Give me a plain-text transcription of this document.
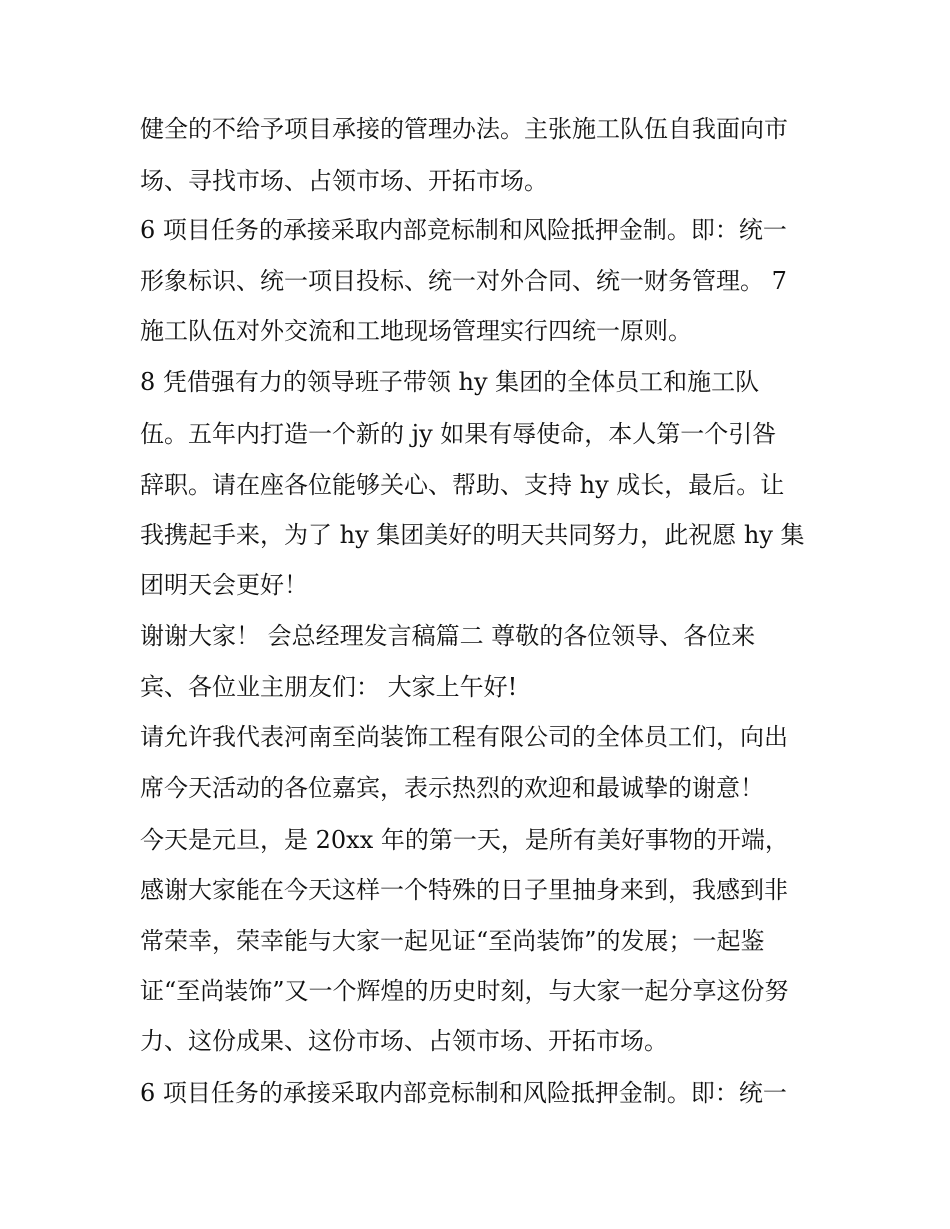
健全的不给予项目承接的管理办法。主张施工队伍自我面向市
场、寻找市场、占领市场、开拓市场。
6 项目任务的承接采取内部竞标制和风险抵押金制。即：统一
形象标识、统一项目投标、统一对外合同、统一财务管理。 7
施工队伍对外交流和工地现场管理实行四统一原则。
8 凭借强有力的领导班子带领 hy 集团的全体员工和施工队
伍。五年内打造一个新的 jy 如果有辱使命，本人第一个引咎
辞职。请在座各位能够关心、帮助、支持 hy 成长，最后。让
我携起手来，为了 hy 集团美好的明天共同努力，此祝愿 hy 集
团明天会更好！
谢谢大家！ 会总经理发言稿篇二 尊敬的各位领导、各位来
宾、各位业主朋友们： 大家上午好!
请允许我代表河南至尚装饰工程有限公司的全体员工们，向出
席今天活动的各位嘉宾，表示热烈的欢迎和最诚挚的谢意！
今天是元旦，是 20xx 年的第一天，是所有美好事物的开端，
感谢大家能在今天这样一个特殊的日子里抽身来到，我感到非
常荣幸，荣幸能与大家一起见证“至尚装饰”的发展；一起鉴
证“至尚装饰”又一个辉煌的历史时刻，与大家一起分享这份努
力、这份成果、这份市场、占领市场、开拓市场。
6 项目任务的承接采取内部竞标制和风险抵押金制。即：统一
